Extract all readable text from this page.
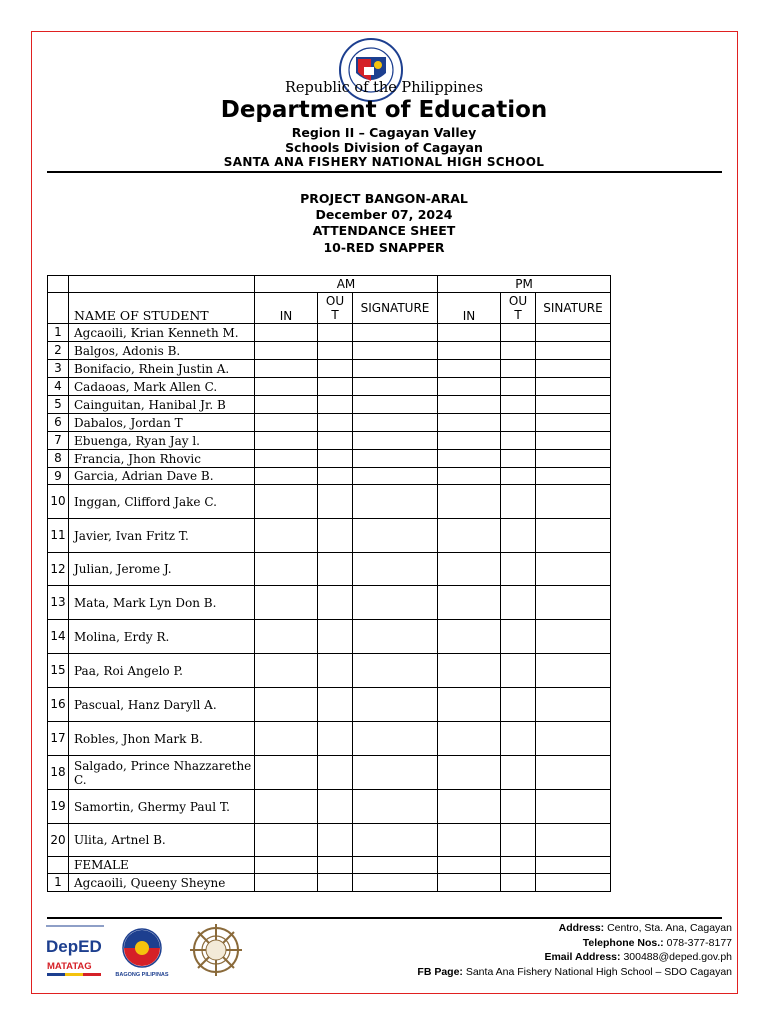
Republic of the Philippines
Department of Education
Region II – Cagayan Valley
Schools Division of Cagayan
SANTA ANA FISHERY NATIONAL HIGH SCHOOL
PROJECT BANGON-ARAL
December 07, 2024
ATTENDANCE SHEET
10-RED SNAPPER
		AM			PM		
	NAME OF STUDENT	IN	OUT	SIGNATURE	IN	OUT	SINATURE
1	Agcaoili, Krian Kenneth M.						
2	Balgos, Adonis B.						
3	Bonifacio, Rhein Justin A.						
4	Cadaoas, Mark Allen C.						
5	Cainguitan, Hanibal Jr. B						
6	Dabalos, Jordan T						
7	Ebuenga, Ryan Jay l.						
8	Francia, Jhon Rhovic						
9	Garcia, Adrian Dave B.						
10	Inggan, Clifford Jake C.						
11	Javier, Ivan Fritz T.						
12	Julian, Jerome J.						
13	Mata, Mark Lyn Don B.						
14	Molina, Erdy R.						
15	Paa, Roi Angelo P.						
16	Pascual, Hanz Daryll A.						
17	Robles, Jhon Mark B.						
18	Salgado, Prince Nhazzarethe C.						
19	Samortin, Ghermy Paul T.						
20	Ulita, Artnel B.						
	FEMALE						
1	Agcaoili, Queeny Sheyne						
DepED
MATATAG
BAGONG PILIPINAS
Address: Centro, Sta. Ana, Cagayan
Telephone Nos.: 078-377-8177
Email Address: 300488@deped.gov.ph
FB Page: Santa Ana Fishery National High School – SDO Cagayan
